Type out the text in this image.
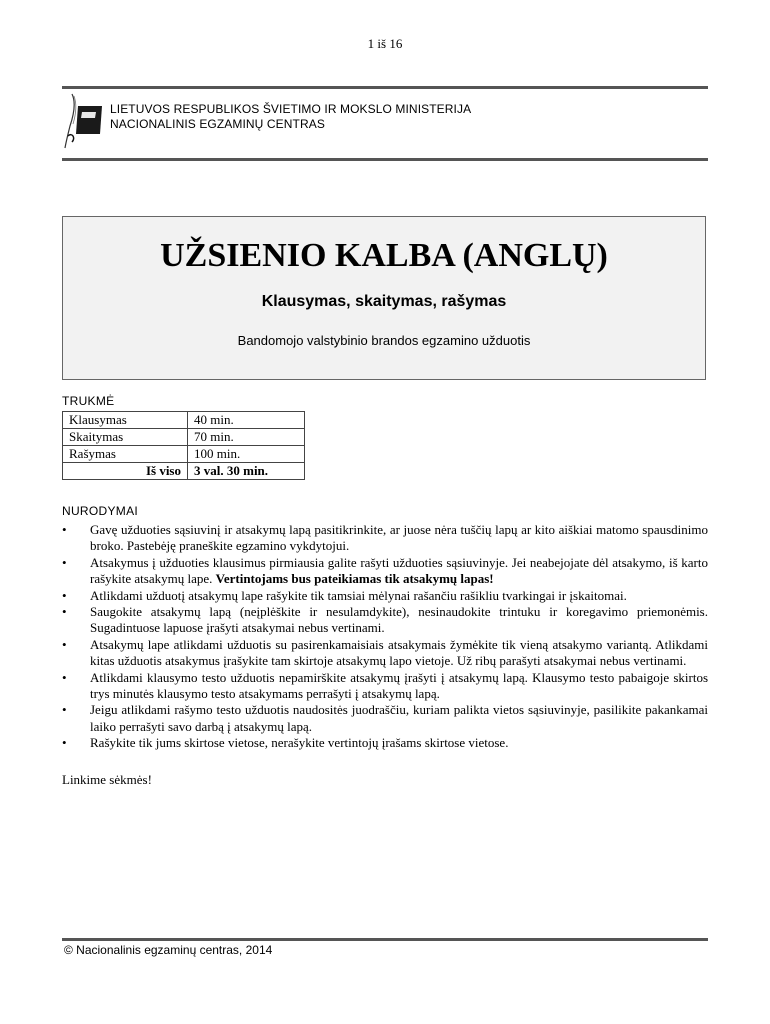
1 iš 16
LIETUVOS RESPUBLIKOS ŠVIETIMO IR MOKSLO MINISTERIJA
NACIONALINIS EGZAMINŲ CENTRAS
UŽSIENIO KALBA (ANGLŲ)
Klausymas, skaitymas, rašymas
Bandomojo valstybinio brandos egzamino užduotis
TRUKMĖ
Klausymas	40 min.
Skaitymas	70 min.
Rašymas	100 min.
Iš viso	3 val. 30 min.
NURODYMAI
• Gavę užduoties sąsiuvinį ir atsakymų lapą pasitikrinkite, ar juose nėra tuščių lapų ar kito aiškiai matomo spausdinimo broko. Pastebėję praneškite egzamino vykdytojui.
• Atsakymus į užduoties klausimus pirmiausia galite rašyti užduoties sąsiuvinyje. Jei neabejojate dėl atsakymo, iš karto rašykite atsakymų lape. Vertintojams bus pateikiamas tik atsakymų lapas!
• Atlikdami užduotį atsakymų lape rašykite tik tamsiai mėlynai rašančiu rašikliu tvarkingai ir įskaitomai.
• Saugokite atsakymų lapą (neįplėškite ir nesulamdykite), nesinaudokite trintuku ir koregavimo priemonėmis. Sugadintuose lapuose įrašyti atsakymai nebus vertinami.
• Atsakymų lape atlikdami užduotis su pasirenkamaisiais atsakymais žymėkite tik vieną atsakymo variantą. Atlikdami kitas užduotis atsakymus įrašykite tam skirtoje atsakymų lapo vietoje. Už ribų parašyti atsakymai nebus vertinami.
• Atlikdami klausymo testo užduotis nepamirškite atsakymų įrašyti į atsakymų lapą. Klausymo testo pabaigoje skirtos trys minutės klausymo testo atsakymams perrašyti į atsakymų lapą.
• Jeigu atlikdami rašymo testo užduotis naudositės juodraščiu, kuriam palikta vietos sąsiuvinyje, pasilikite pakankamai laiko perrašyti savo darbą į atsakymų lapą.
• Rašykite tik jums skirtose vietose, nerašykite vertintojų įrašams skirtose vietose.
Linkime sėkmės!
© Nacionalinis egzaminų centras, 2014
